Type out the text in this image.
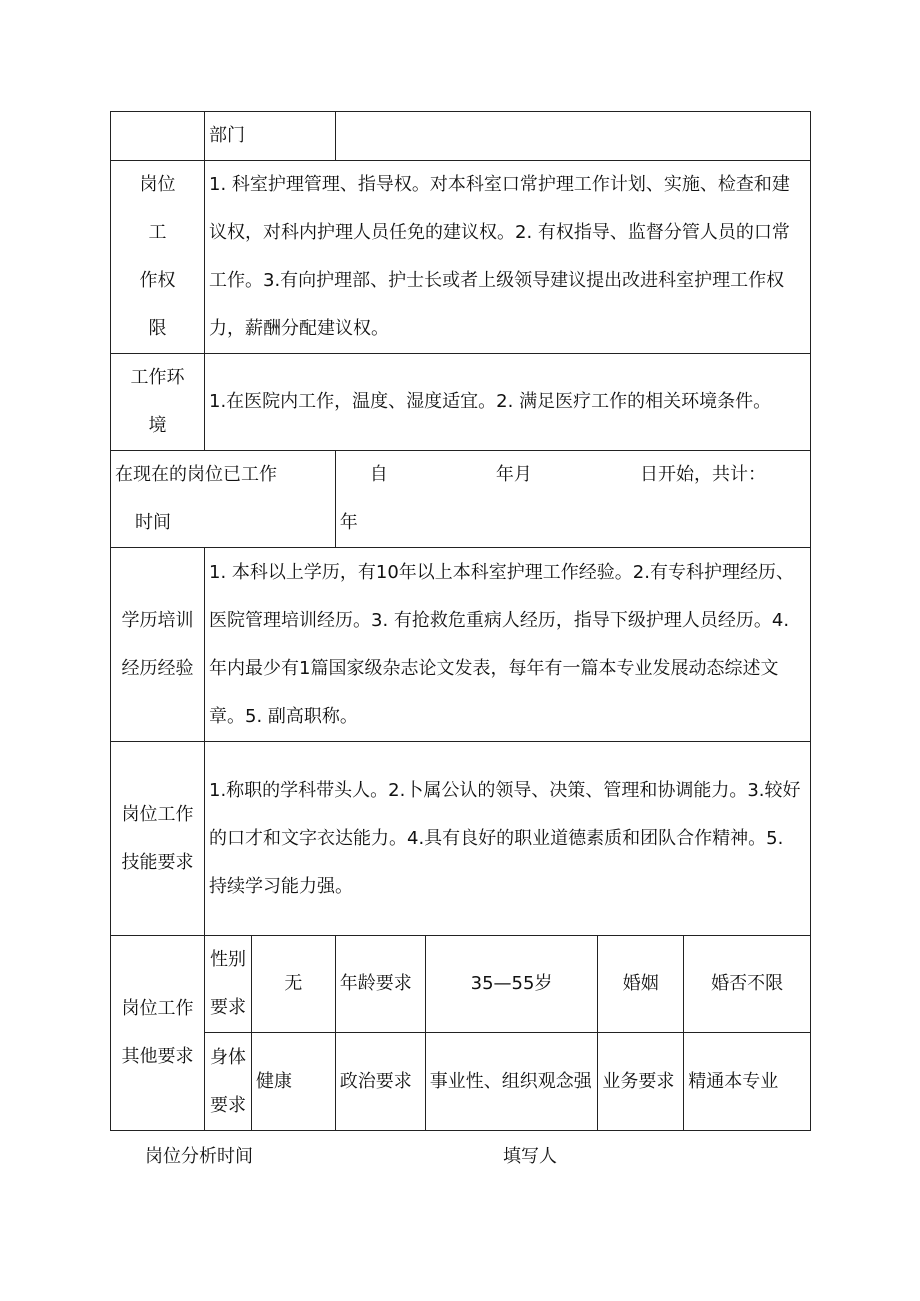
	部门					

岗位
工
作权
限	1. 科室护理管理、指导权。对本科室口常护理工作计划、实施、检查和建议权，对科内护理人员任免的建议权。2. 有权指导、监督分管人员的口常工作。3.有向护理部、护士长或者上级领导建议提出改进科室护理工作权力，薪酬分配建议权。					

工作环
境	1.在医院内工作，温度、湿度适宜。2. 满足医疗工作的相关环境条件。					

在现在的岗位已工作
时间			自 年月 日开始，共计：
年			

学历培训
经历经验	1. 本科以上学历，有10年以上本科室护理工作经验。2.有专科护理经历、医院管理培训经历。3. 有抢救危重病人经历，指导下级护理人员经历。4. 年内最少有1篇国家级杂志论文发表，每年有一篇本专业发展动态综述文章。5. 副高职称。					

岗位工作
技能要求	1.称职的学科带头人。2.卜属公认的领导、决策、管理和协调能力。3.较好的口才和文字衣达能力。4.具有良好的职业道德素质和团队合作精神。5. 持续学习能力强。					

岗位工作
其他要求	性别要求	无	年龄要求	35—55岁	婚姻	婚否不限
	身体要求	健康	政治要求	事业性、组织观念强	业务要求	精通本专业
岗位分析时间	填写人
